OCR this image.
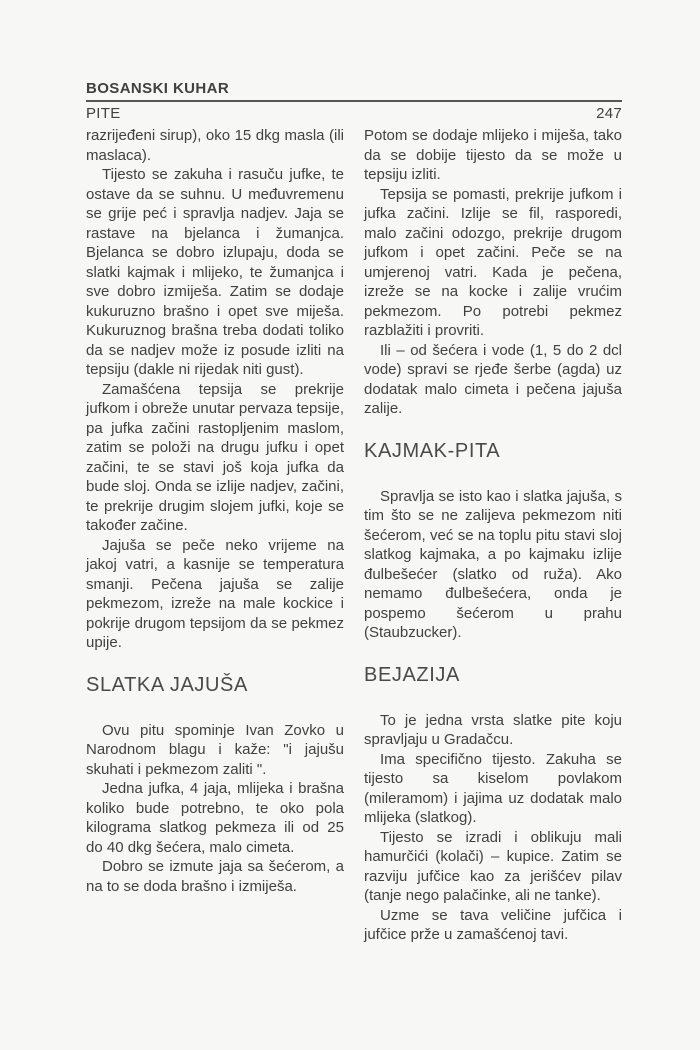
BOSANSKI KUHAR
PITE	247

razrijeđeni sirup), oko 15 dkg masla (ili maslaca).

Tijesto se zakuha i rasuču jufke, te ostave da se suhnu. U međuvremenu se grije peć i spravlja nadjev. Jaja se rastave na bjelanca i žumanjca. Bjelanca se dobro izlupaju, doda se slatki kajmak i mlijeko, te žumanjca i sve dobro izmiješa. Zatim se dodaje kukuruzno brašno i opet sve miješa. Kukuruznog brašna treba dodati toliko da se nadjev može iz posude izliti na tepsiju (dakle ni rijedak niti gust).

Zamašćena tepsija se prekrije jufkom i obreže unutar pervaza tepsije, pa jufka začini rastopljenim maslom, zatim se položi na drugu jufku i opet začini, te se stavi još koja jufka da bude sloj. Onda se izlije nadjev, začini, te prekrije drugim slojem jufki, koje se također začine.

Jajuša se peče neko vrijeme na jakoj vatri, a kasnije se temperatura smanji. Pečena jajuša se zalije pekmezom, izreže na male kockice i pokrije drugom tepsijom da se pekmez upije.

SLATKA JAJUŠA

Ovu pitu spominje Ivan Zovko u Narodnom blagu i kaže: "i jajušu skuhati i pekmezom zaliti ".

Jedna jufka, 4 jaja, mlijeka i brašna koliko bude potrebno, te oko pola kilograma slatkog pekmeza ili od 25 do 40 dkg šećera, malo cimeta.

Dobro se izmute jaja sa šećerom, a na to se doda brašno i izmiješa.

Potom se dodaje mlijeko i miješa, tako da se dobije tijesto da se može u tepsiju izliti.

Tepsija se pomasti, prekrije jufkom i jufka začini. Izlije se fil, rasporedi, malo začini odozgo, prekrije drugom jufkom i opet začini. Peče se na umjerenoj vatri. Kada je pečena, izreže se na kocke i zalije vrućim pekmezom. Po potrebi pekmez razblažiti i provriti.

Ili – od šećera i vode (1, 5 do 2 dcl vode) spravi se rjeđe šerbe (agda) uz dodatak malo cimeta i pečena jajuša zalije.

KAJMAK-PITA

Spravlja se isto kao i slatka jajuša, s tim što se ne zalijeva pekmezom niti šećerom, već se na toplu pitu stavi sloj slatkog kajmaka, a po kajmaku izlije đulbešećer (slatko od ruža). Ako nemamo đulbešećera, onda je pospemo šećerom u prahu (Staubzucker).

BEJAZIJA

To je jedna vrsta slatke pite koju spravljaju u Gradačcu.

Ima specifično tijesto. Zakuha se tijesto sa kiselom povlakom (mileramom) i jajima uz dodatak malo mlijeka (slatkog).

Tijesto se izradi i oblikuju mali hamurčići (kolači) – kupice. Zatim se razviju jufčice kao za jerišćev pilav (tanje nego palačinke, ali ne tanke).

Uzme se tava veličine jufčica i jufčice prže u zamašćenoj tavi.
